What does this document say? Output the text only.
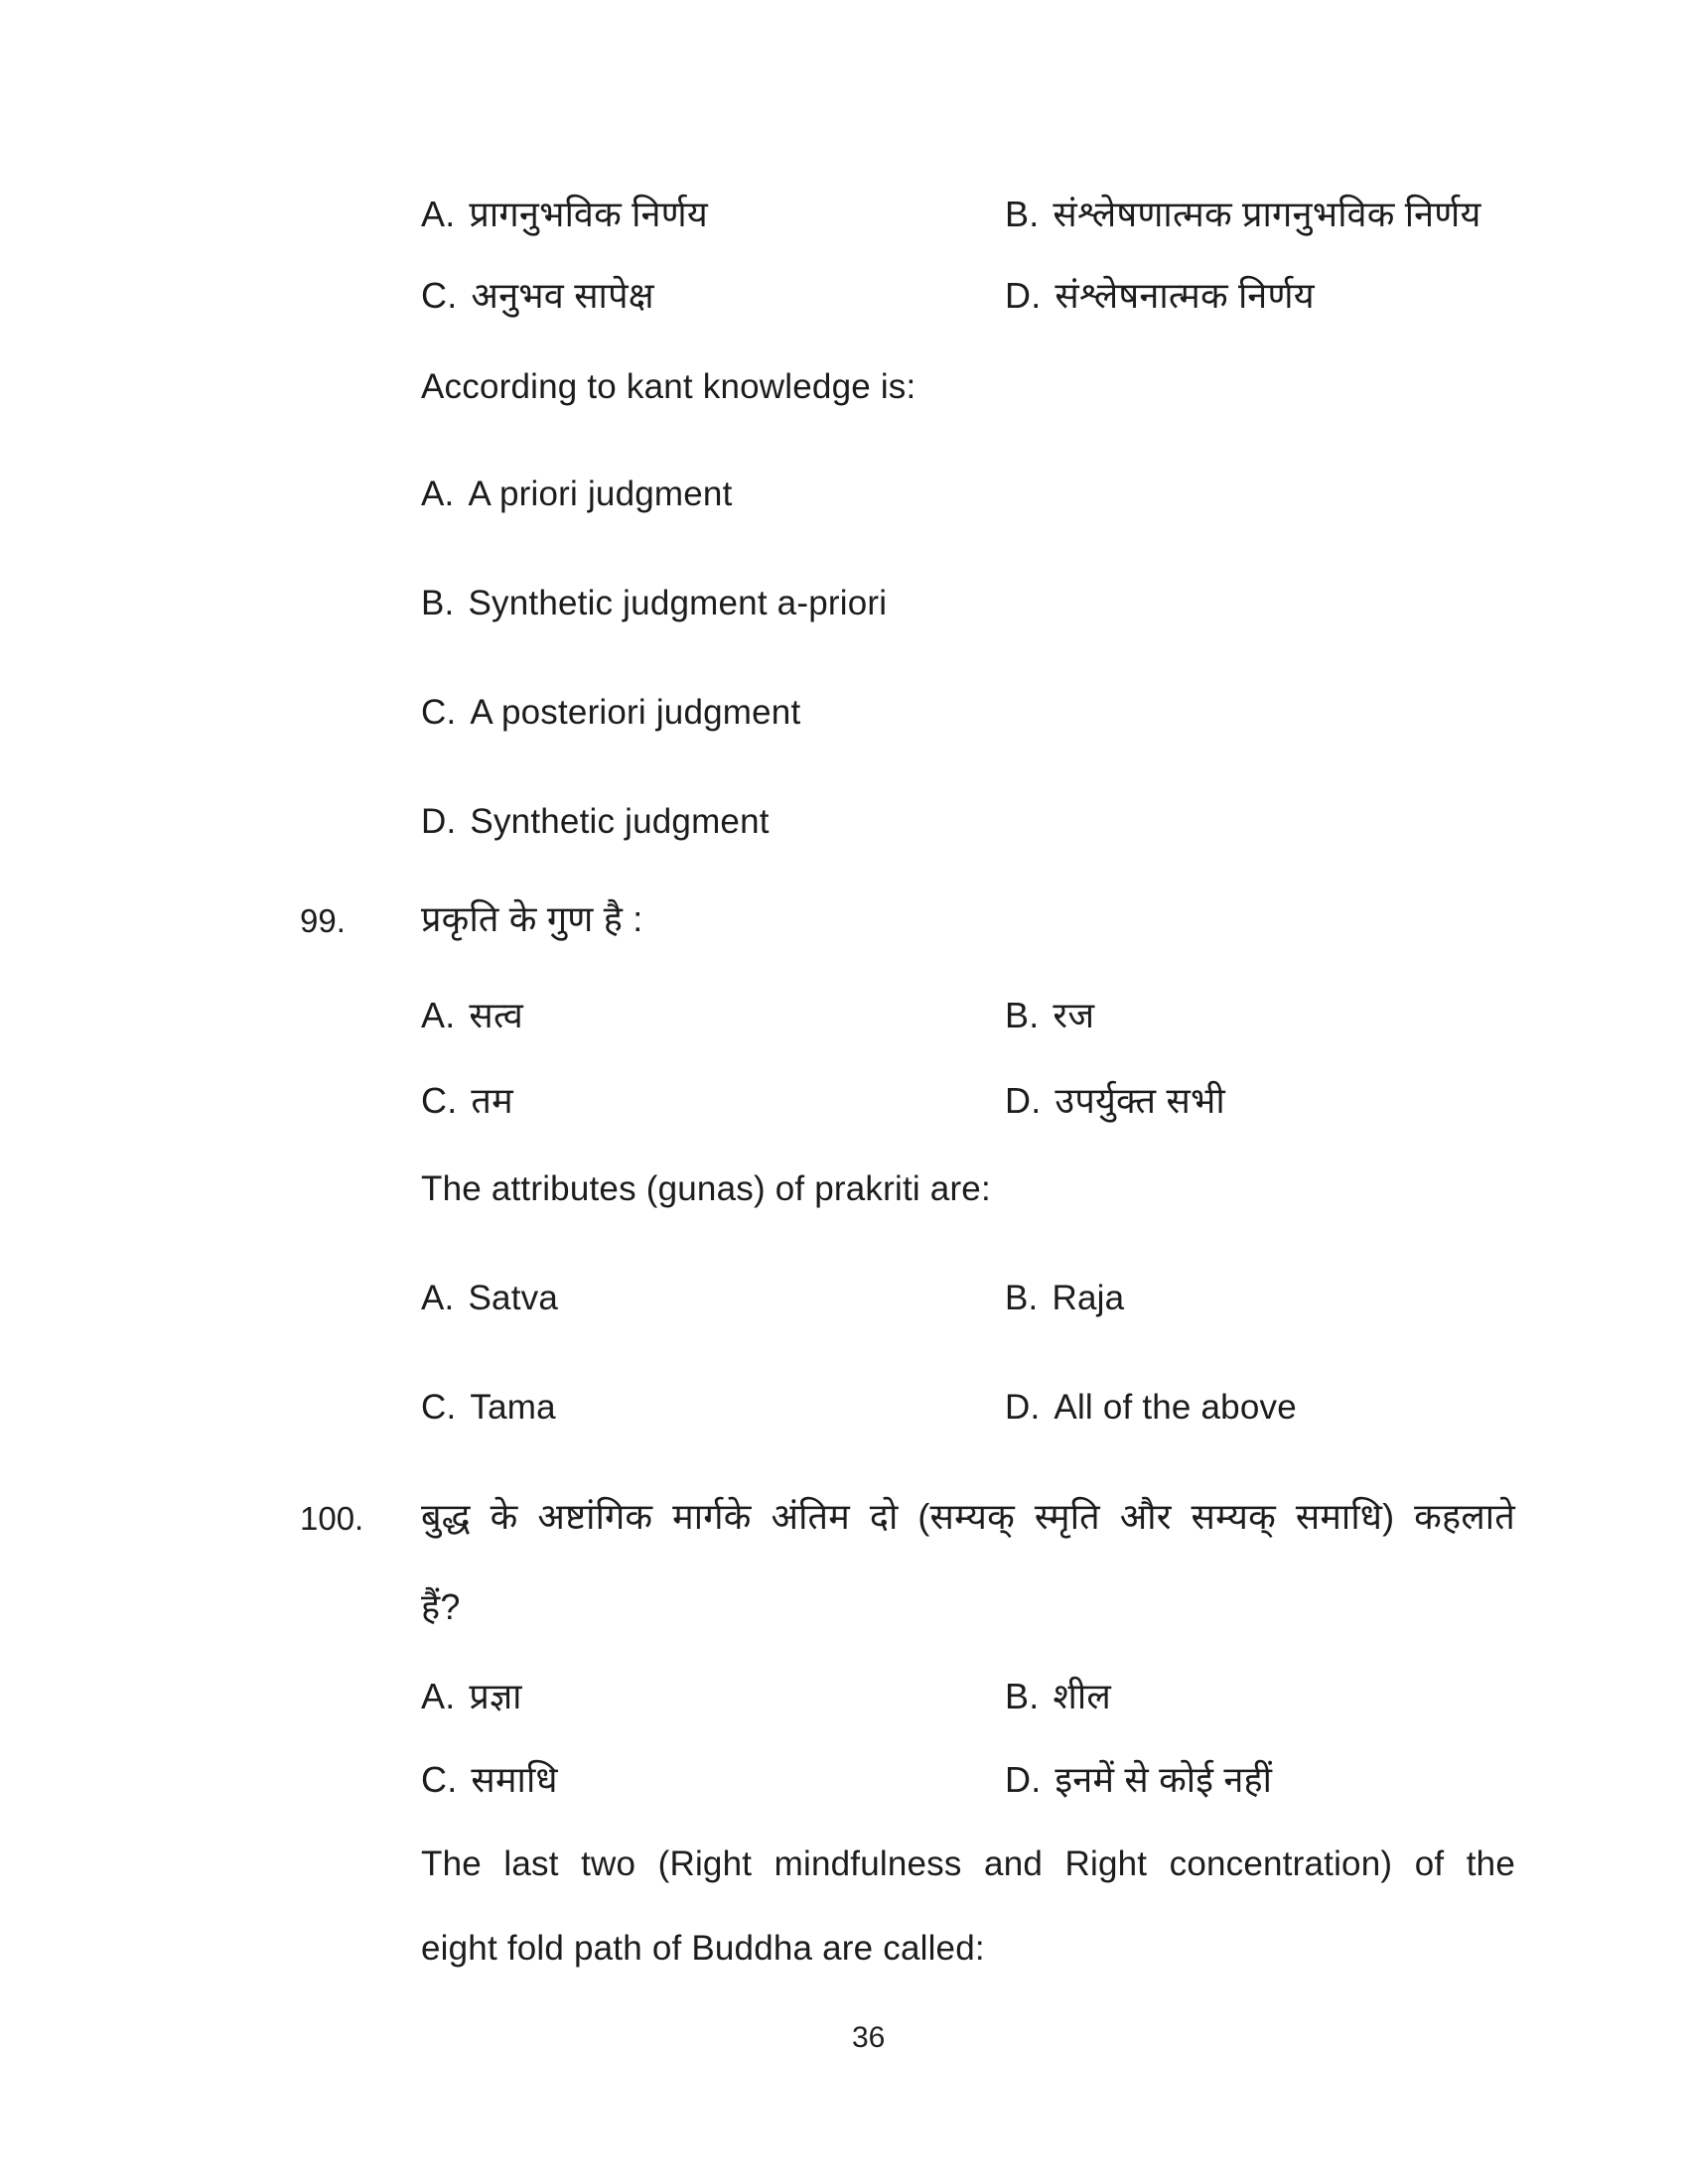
A. प्रागनुभविक निर्णय	B. संश्लेषणात्मक प्रागनुभविक निर्णय
C. अनुभव सापेक्ष	D. संश्लेषनात्मक निर्णय
According to kant knowledge is:
A. A priori judgment
B. Synthetic judgment a-priori
C. A posteriori judgment
D. Synthetic judgment
99. प्रकृति के गुण है :
A. सत्व	B. रज
C. तम	D. उपर्युक्त सभी
The attributes (gunas) of prakriti are:
A. Satva	B. Raja
C. Tama	D. All of the above
100. बुद्ध के अष्टांगिक मार्गके अंतिम दो (सम्यक् स्मृति और सम्यक् समाधि) कहलाते
हैं?
A. प्रज्ञा	B. शील
C. समाधि	D. इनमें से कोई नहीं
The last two (Right mindfulness and Right concentration) of the
eight fold path of Buddha are called:
36
